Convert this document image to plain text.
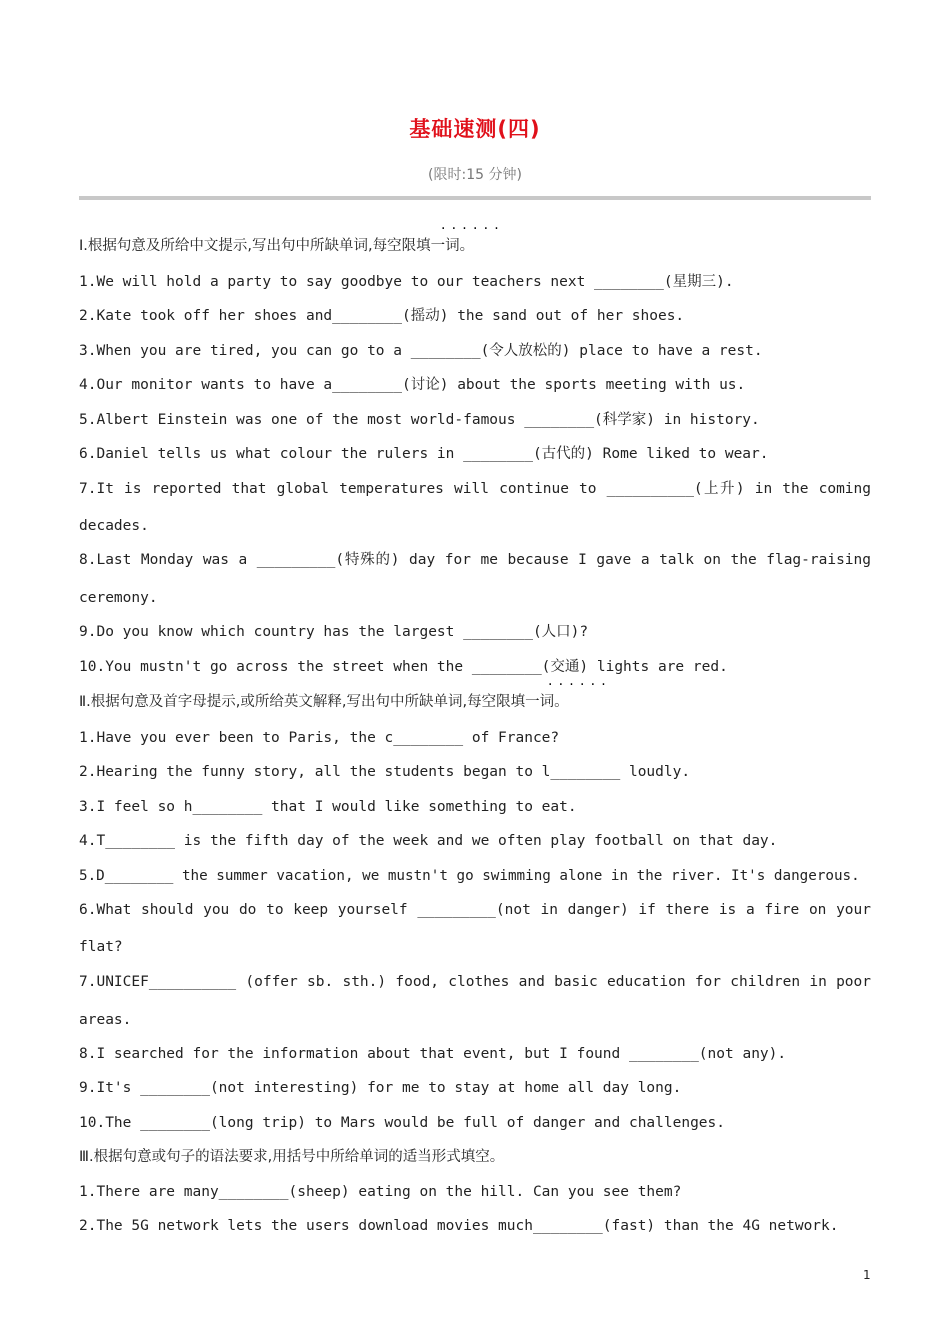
基础速测(四)
(限时:15 分钟)
······
Ⅰ.根据句意及所给中文提示,写出句中所缺单词,每空限填一词。
1.We will hold a party to say goodbye to our teachers next ________(星期三).
2.Kate took off her shoes and________(摇动) the sand out of her shoes.
3.When you are tired, you can go to a ________(令人放松的) place to have a rest.
4.Our monitor wants to have a________(讨论) about the sports meeting with us.
5.Albert Einstein was one of the most world-famous ________(科学家) in history.
6.Daniel tells us what colour the rulers in ________(古代的) Rome liked to wear.
7.It is reported that global temperatures will continue to __________(上升) in the coming
decades.
8.Last Monday was a _________(特殊的) day for me because I gave a talk on the flag-raising
ceremony.
9.Do you know which country has the largest ________(人口)?
10.You mustn't go across the street when the ________(交通) lights are red.
······
Ⅱ.根据句意及首字母提示,或所给英文解释,写出句中所缺单词,每空限填一词。
1.Have you ever been to Paris, the c________ of France?
2.Hearing the funny story, all the students began to l________ loudly.
3.I feel so h________ that I would like something to eat.
4.T________ is the fifth day of the week and we often play football on that day.
5.D________ the summer vacation, we mustn't go swimming alone in the river. It's dangerous.
6.What should you do to keep yourself _________(not in danger) if there is a fire on your
flat?
7.UNICEF__________ (offer sb. sth.) food, clothes and basic education for children in poor
areas.
8.I searched for the information about that event, but I found ________(not any).
9.It's ________(not interesting) for me to stay at home all day long.
10.The ________(long trip) to Mars would be full of danger and challenges.
Ⅲ.根据句意或句子的语法要求,用括号中所给单词的适当形式填空。
1.There are many________(sheep) eating on the hill. Can you see them?
2.The 5G network lets the users download movies much________(fast) than the 4G network.
1
